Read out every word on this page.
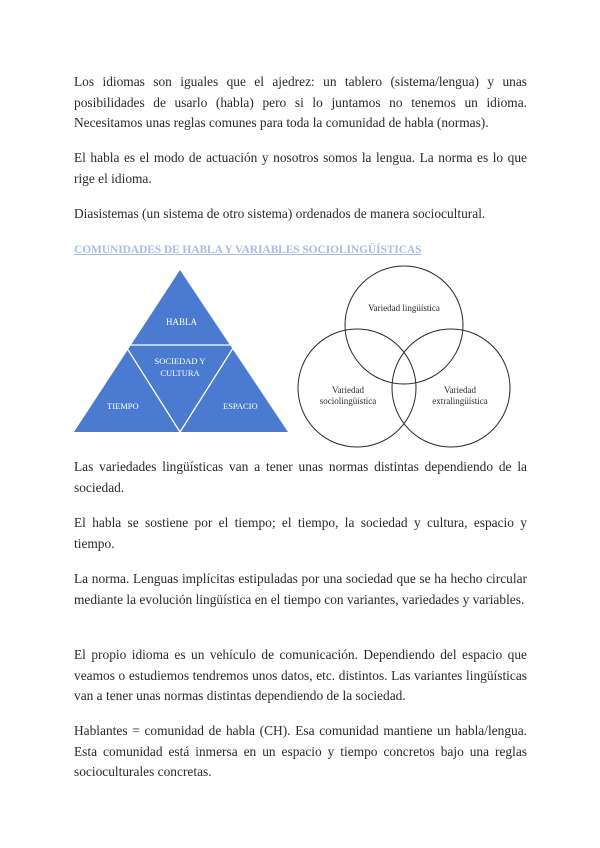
Los idiomas son iguales que el ajedrez: un tablero (sistema/lengua) y unas posibilidades de usarlo (habla) pero si lo juntamos no tenemos un idioma. Necesitamos unas reglas comunes para toda la comunidad de habla (normas).

El habla es el modo de actuación y nosotros somos la lengua. La norma es lo que rige el idioma.

Diasistemas (un sistema de otro sistema) ordenados de manera sociocultural.

COMUNIDADES DE HABLA Y VARIABLES SOCIOLINGÜÍSTICAS

HABLA
SOCIEDAD Y
CULTURA
TIEMPO	ESPACIO
Variedad lingüística
Variedad
sociolingüística
Variedad
extralingüística

Las variedades lingüísticas van a tener unas normas distintas dependiendo de la sociedad.

El habla se sostiene por el tiempo; el tiempo, la sociedad y cultura, espacio y tiempo.

La norma. Lenguas implícitas estipuladas por una sociedad que se ha hecho circular mediante la evolución lingüística en el tiempo con variantes, variedades y variables.

El propio idioma es un vehículo de comunicación. Dependiendo del espacio que veamos o estudiemos tendremos unos datos, etc. distintos. Las variantes lingüísticas van a tener unas normas distintas dependiendo de la sociedad.

Hablantes = comunidad de habla (CH). Esa comunidad mantiene un habla/lengua. Esta comunidad está inmersa en un espacio y tiempo concretos bajo una reglas socioculturales concretas.
